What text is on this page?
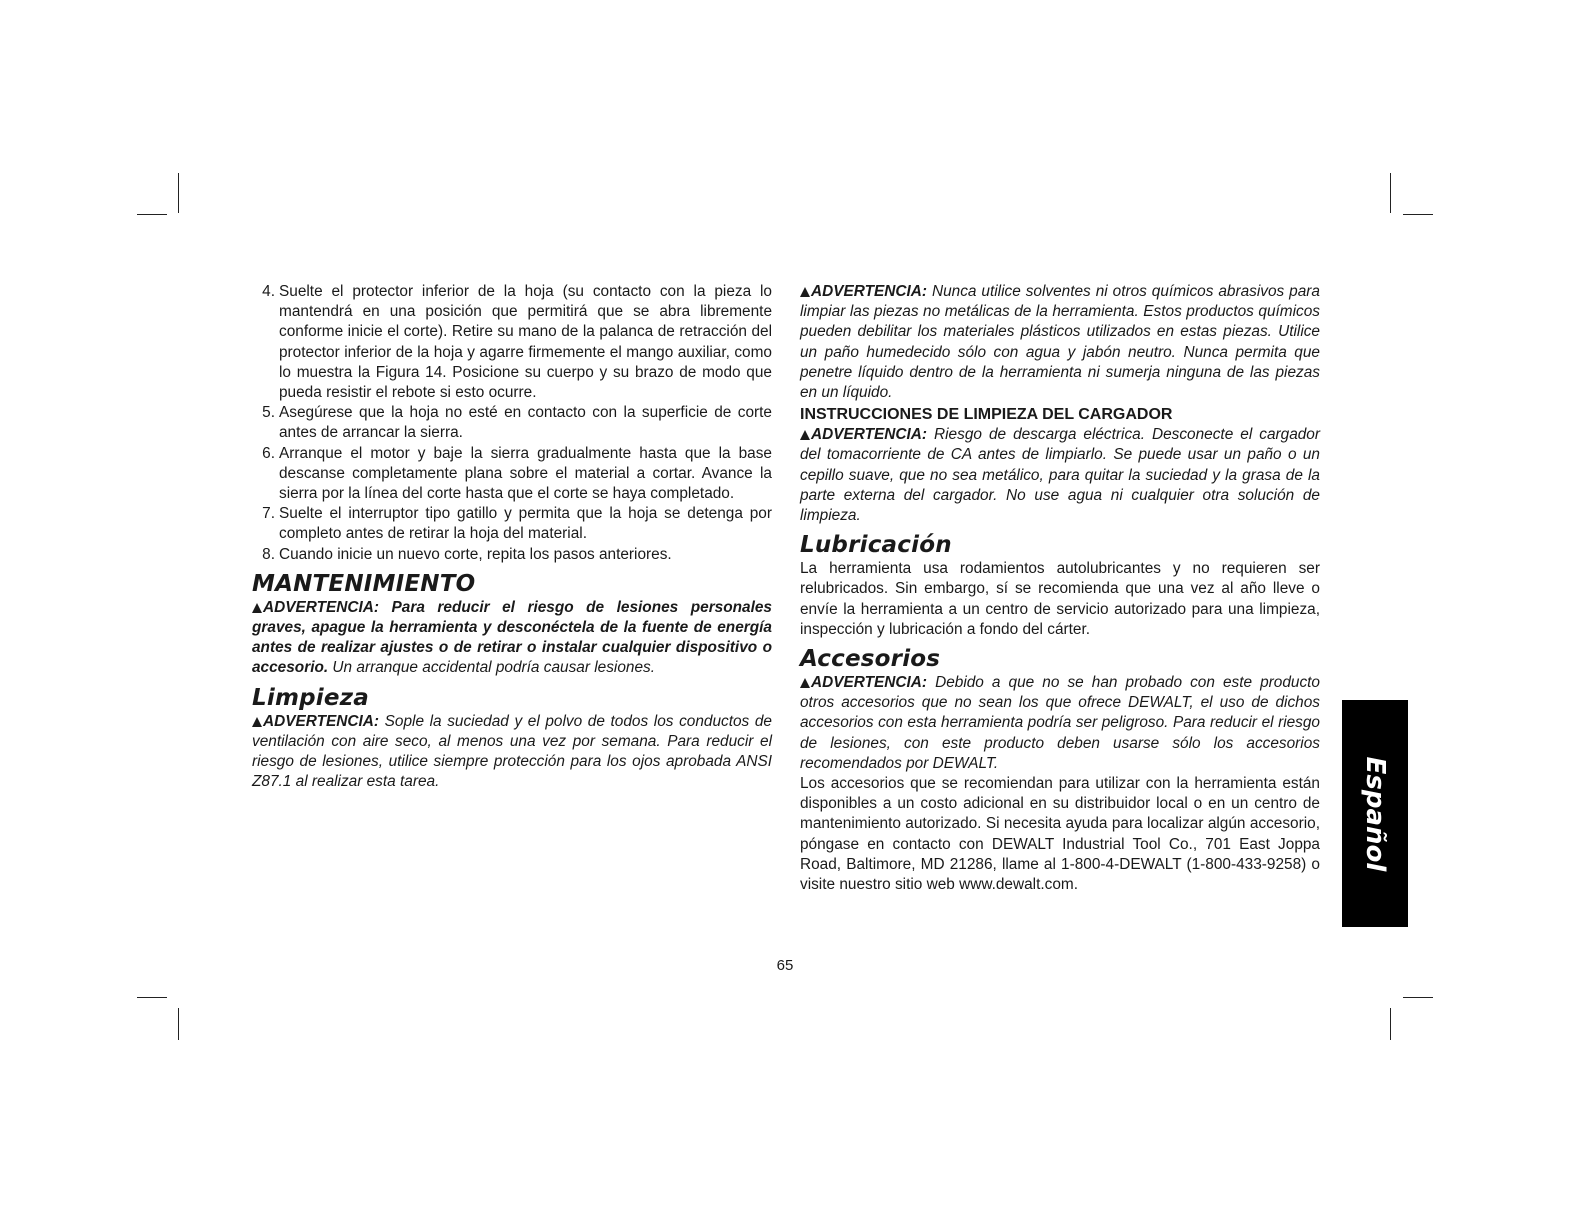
4. Suelte el protector inferior de la hoja (su contacto con la pieza lo mantendrá en una posición que permitirá que se abra libremente conforme inicie el corte). Retire su mano de la palanca de retracción del protector inferior de la hoja y agarre firmemente el mango auxiliar, como lo muestra la Figura 14. Posicione su cuerpo y su brazo de modo que pueda resistir el rebote si esto ocurre.
5. Asegúrese que la hoja no esté en contacto con la superficie de corte antes de arrancar la sierra.
6. Arranque el motor y baje la sierra gradualmente hasta que la base descanse completamente plana sobre el material a cortar. Avance la sierra por la línea del corte hasta que el corte se haya completado.
7. Suelte el interruptor tipo gatillo y permita que la hoja se detenga por completo antes de retirar la hoja del material.
8. Cuando inicie un nuevo corte, repita los pasos anteriores.
MANTENIMIENTO

ADVERTENCIA: Para reducir el riesgo de lesiones personales graves, apague la herramienta y desconéctela de la fuente de energía antes de realizar ajustes o de retirar o instalar cualquier dispositivo o accesorio. Un arranque accidental podría causar lesiones.

Limpieza

ADVERTENCIA: Sople la suciedad y el polvo de todos los conductos de ventilación con aire seco, al menos una vez por semana. Para reducir el riesgo de lesiones, utilice siempre protección para los ojos aprobada ANSI Z87.1 al realizar esta tarea.

ADVERTENCIA: Nunca utilice solventes ni otros químicos abrasivos para limpiar las piezas no metálicas de la herramienta. Estos productos químicos pueden debilitar los materiales plásticos utilizados en estas piezas. Utilice un paño humedecido sólo con agua y jabón neutro. Nunca permita que penetre líquido dentro de la herramienta ni sumerja ninguna de las piezas en un líquido.

INSTRUCCIONES DE LIMPIEZA DEL CARGADOR

ADVERTENCIA: Riesgo de descarga eléctrica. Desconecte el cargador del tomacorriente de CA antes de limpiarlo. Se puede usar un paño o un cepillo suave, que no sea metálico, para quitar la suciedad y la grasa de la parte externa del cargador. No use agua ni cualquier otra solución de limpieza.

Lubricación

La herramienta usa rodamientos autolubricantes y no requieren ser relubricados. Sin embargo, sí se recomienda que una vez al año lleve o envíe la herramienta a un centro de servicio autorizado para una limpieza, inspección y lubricación a fondo del cárter.

Accesorios

ADVERTENCIA: Debido a que no se han probado con este producto otros accesorios que no sean los que ofrece DEWALT, el uso de dichos accesorios con esta herramienta podría ser peligroso. Para reducir el riesgo de lesiones, con este producto deben usarse sólo los accesorios recomendados por DEWALT.

Los accesorios que se recomiendan para utilizar con la herramienta están disponibles a un costo adicional en su distribuidor local o en un centro de mantenimiento autorizado. Si necesita ayuda para localizar algún accesorio, póngase en contacto con DEWALT Industrial Tool Co., 701 East Joppa Road, Baltimore, MD 21286, llame al 1-800-4-DEWALT (1-800-433-9258) o visite nuestro sitio web www.dewalt.com.

65
Español
